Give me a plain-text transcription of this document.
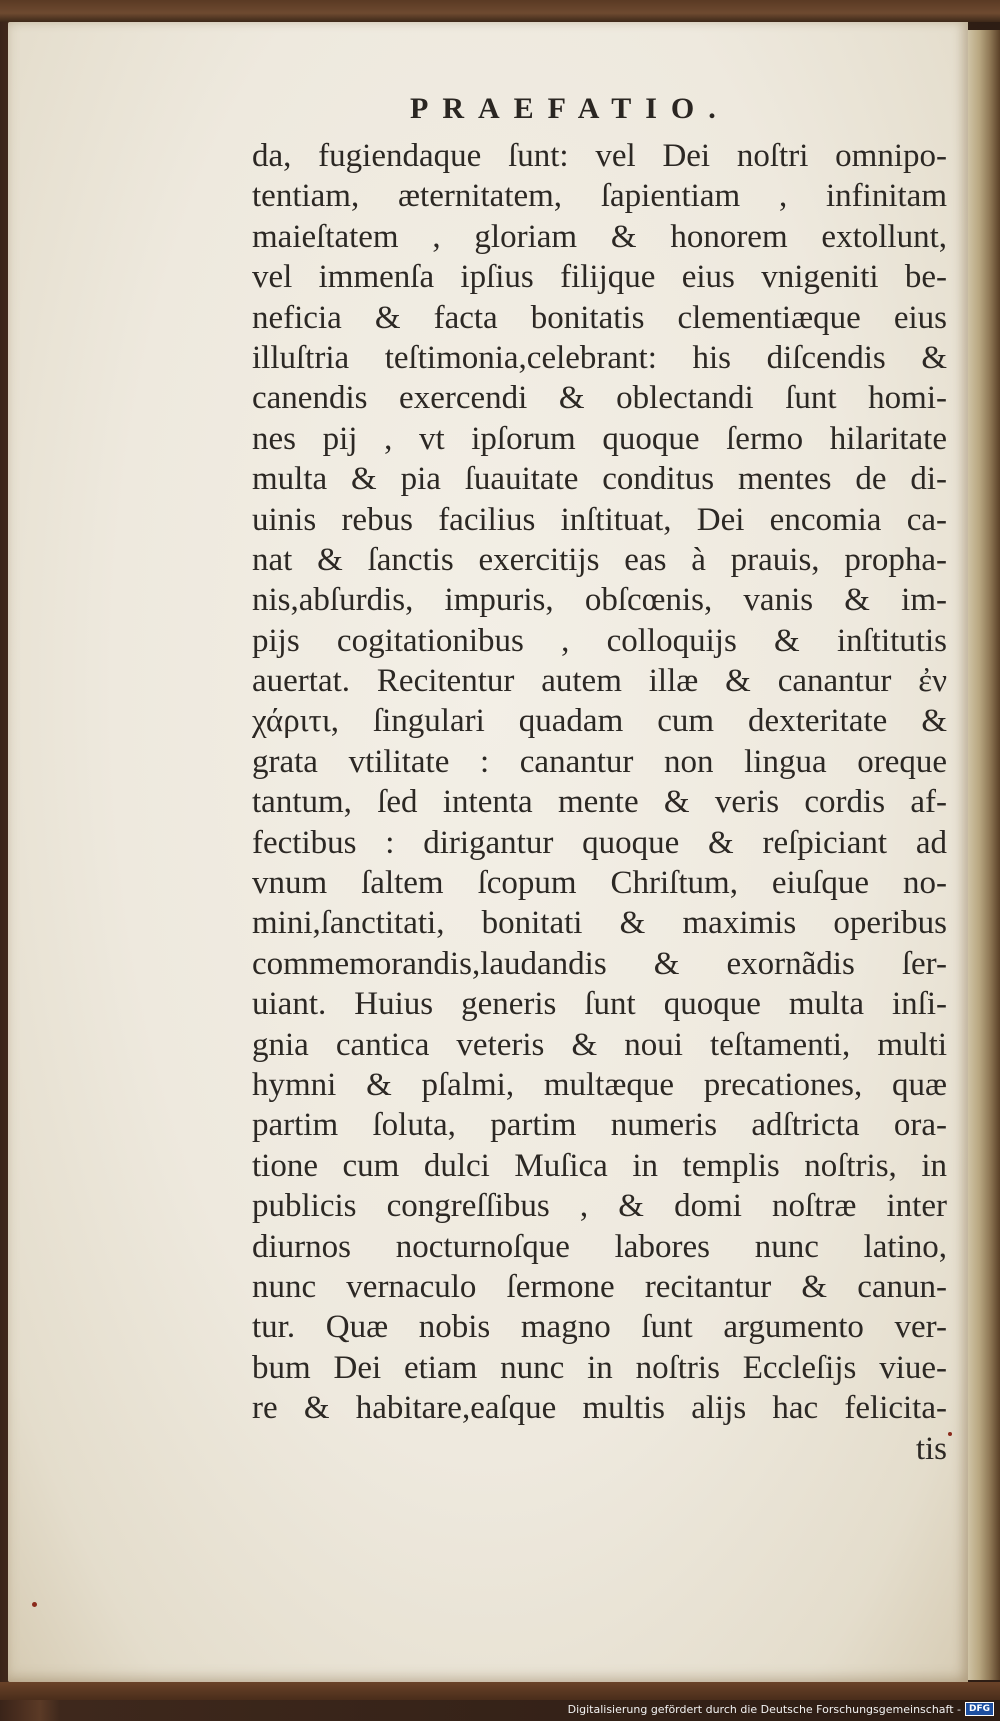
PRAEFATIO.
da, fugiendaque ſunt: vel Dei noſtri omnipo-
tentiam, æternitatem, ſapientiam , infinitam
maieſtatem , gloriam & honorem extollunt,
vel immenſa ipſius filijque eius vnigeniti be-
neficia & facta bonitatis clementiæque eius
illuſtria teſtimonia,celebrant: his diſcendis &
canendis exercendi & oblectandi ſunt homi-
nes pij , vt ipſorum quoque ſermo hilaritate
multa & pia ſuauitate conditus mentes de di-
uinis rebus facilius inſtituat, Dei encomia ca-
nat & ſanctis exercitijs eas à prauis, propha-
nis,abſurdis, impuris, obſcœnis, vanis & im-
pijs cogitationibus , colloquijs & inſtitutis
auertat. Recitentur autem illæ & canantur ἐν
χάριτι, ſingulari quadam cum dexteritate &
grata vtilitate : canantur non lingua oreque
tantum, ſed intenta mente & veris cordis af-
fectibus : dirigantur quoque & reſpiciant ad
vnum ſaltem ſcopum Chriſtum, eiuſque no-
mini,ſanctitati, bonitati & maximis operibus
commemorandis,laudandis & exornãdis ſer-
uiant. Huius generis ſunt quoque multa inſi-
gnia cantica veteris & noui teſtamenti, multi
hymni & pſalmi, multæque precationes, quæ
partim ſoluta, partim numeris adſtricta ora-
tione cum dulci Muſica in templis noſtris, in
publicis congreſſibus , & domi noſtræ inter
diurnos nocturnoſque labores nunc latino,
nunc vernaculo ſermone recitantur & canun-
tur. Quæ nobis magno ſunt argumento ver-
bum Dei etiam nunc in noſtris Eccleſijs viue-
re & habitare,eaſque multis alijs hac felicita-
tis
Digitalisierung gefördert durch die Deutsche Forschungsgemeinschaft - DFG
